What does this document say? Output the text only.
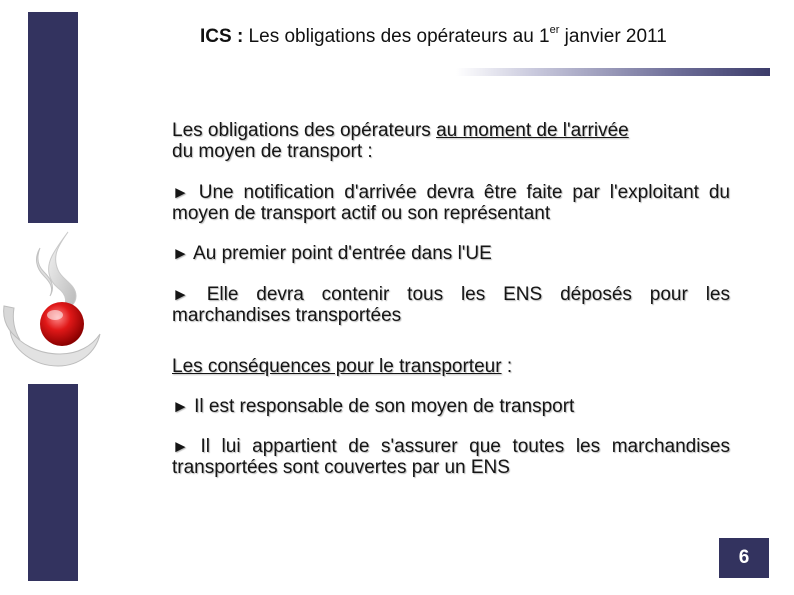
ICS : Les obligations des opérateurs au 1er janvier 2011

Les obligations des opérateurs au moment de l'arrivée
du moyen de transport :

► Une notification d'arrivée devra être faite par l'exploitant du moyen de transport actif ou son représentant

► Au premier point d'entrée dans l'UE

► Elle devra contenir tous les ENS déposés pour les marchandises transportées

Les conséquences pour le transporteur :

► Il est responsable de son moyen de transport

► Il lui appartient de s'assurer que toutes les marchandises transportées sont couvertes par un ENS

6
